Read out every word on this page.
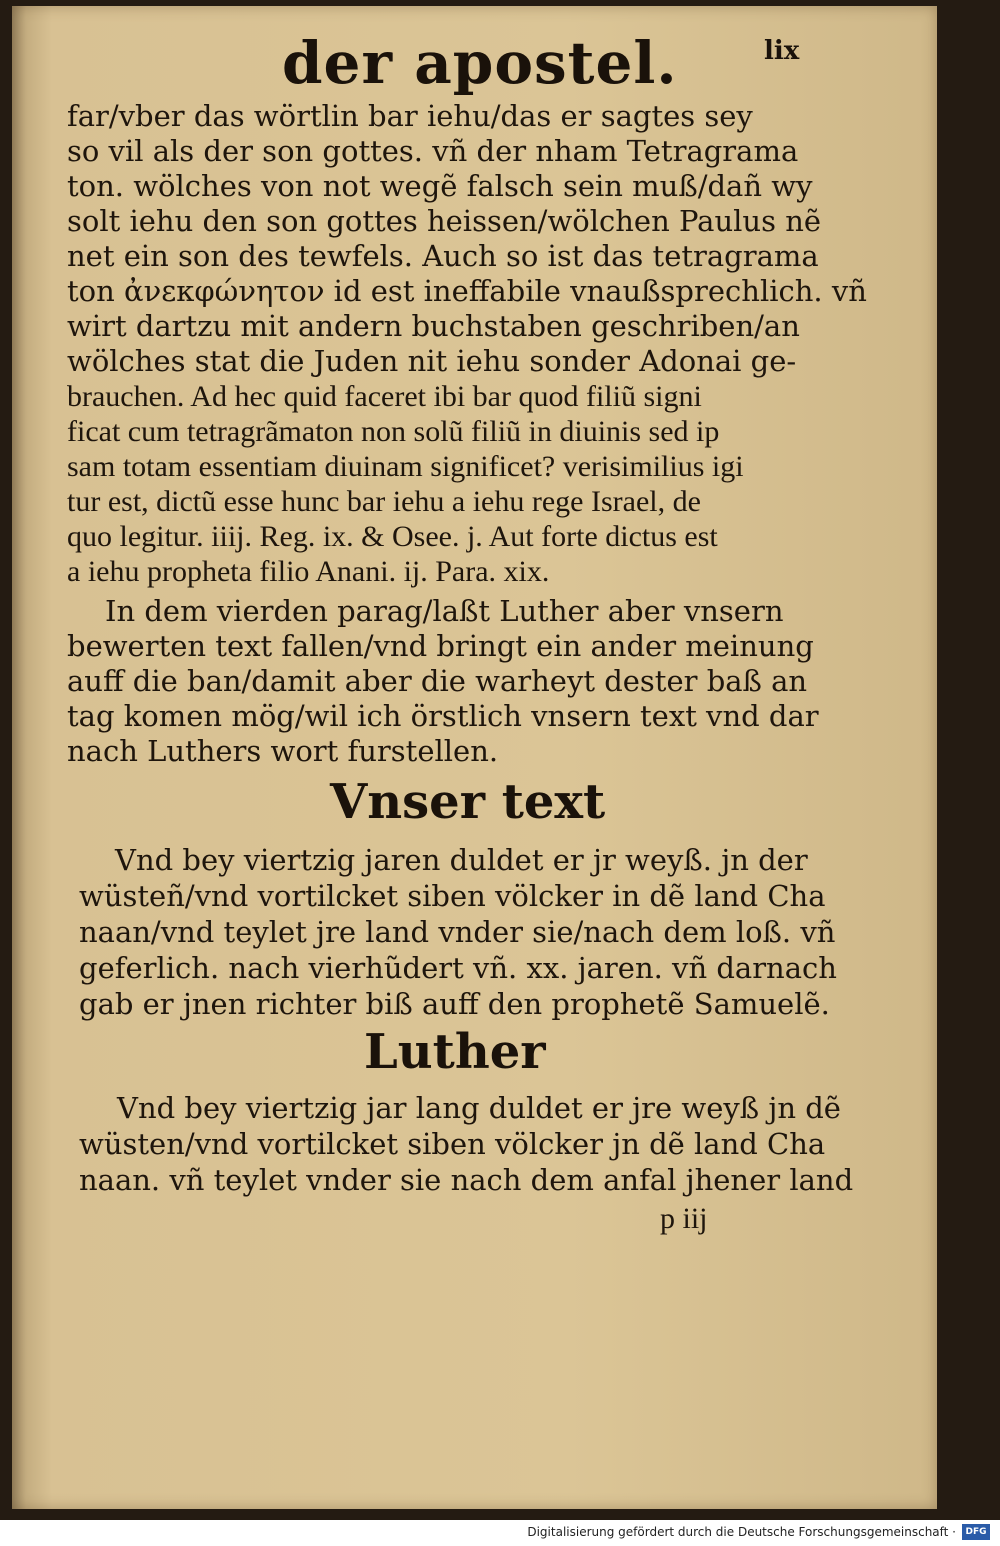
der apostel.	lix
far/vber das wörtlin bar iehu/das er sagtes sey
so vil als der son gottes. vñ der nham Tetragrama
ton. wölches von not wegẽ falsch sein muß/dañ wy
solt iehu den son gottes heissen/wölchen Paulus nẽ
net ein son des tewfels. Auch so ist das tetragrama
ton ἀνεκφώνητον id est ineffabile vnaußsprechlich. vñ
wirt dartzu mit andern buchstaben geschriben/an
wölches stat die Juden nit iehu sonder Adonai ge-
brauchen. Ad hec quid faceret ibi bar quod filiũ signi
ficat cum tetragrãmaton non solũ filiũ in diuinis sed ip
sam totam essentiam diuinam significet? verisimilius igi
tur est, dictũ esse hunc bar iehu a iehu rege Israel, de
quo legitur. iiij. Reg. ix. & Osee. j. Aut forte dictus est
a iehu propheta filio Anani. ij. Para. xix.
In dem vierden parag/laßt Luther aber vnsern
bewerten text fallen/vnd bringt ein ander meinung
auff die ban/damit aber die warheyt dester baß an
tag komen mög/wil ich örstlich vnsern text vnd dar
nach Luthers wort furstellen.
Vnser text
Vnd bey viertzig jaren duldet er jr weyß. jn der
wüsteñ/vnd vortilcket siben völcker in dẽ land Cha
naan/vnd teylet jre land vnder sie/nach dem loß. vñ
geferlich. nach vierhũdert vñ. xx. jaren. vñ darnach
gab er jnen richter biß auff den prophetẽ Samuelẽ.
Luther
Vnd bey viertzig jar lang duldet er jre weyß jn dẽ
wüsten/vnd vortilcket siben völcker jn dẽ land Cha
naan. vñ teylet vnder sie nach dem anfal jhener land
p iij
Digitalisierung gefördert durch die Deutsche Forschungsgemeinschaft ·	DFG
